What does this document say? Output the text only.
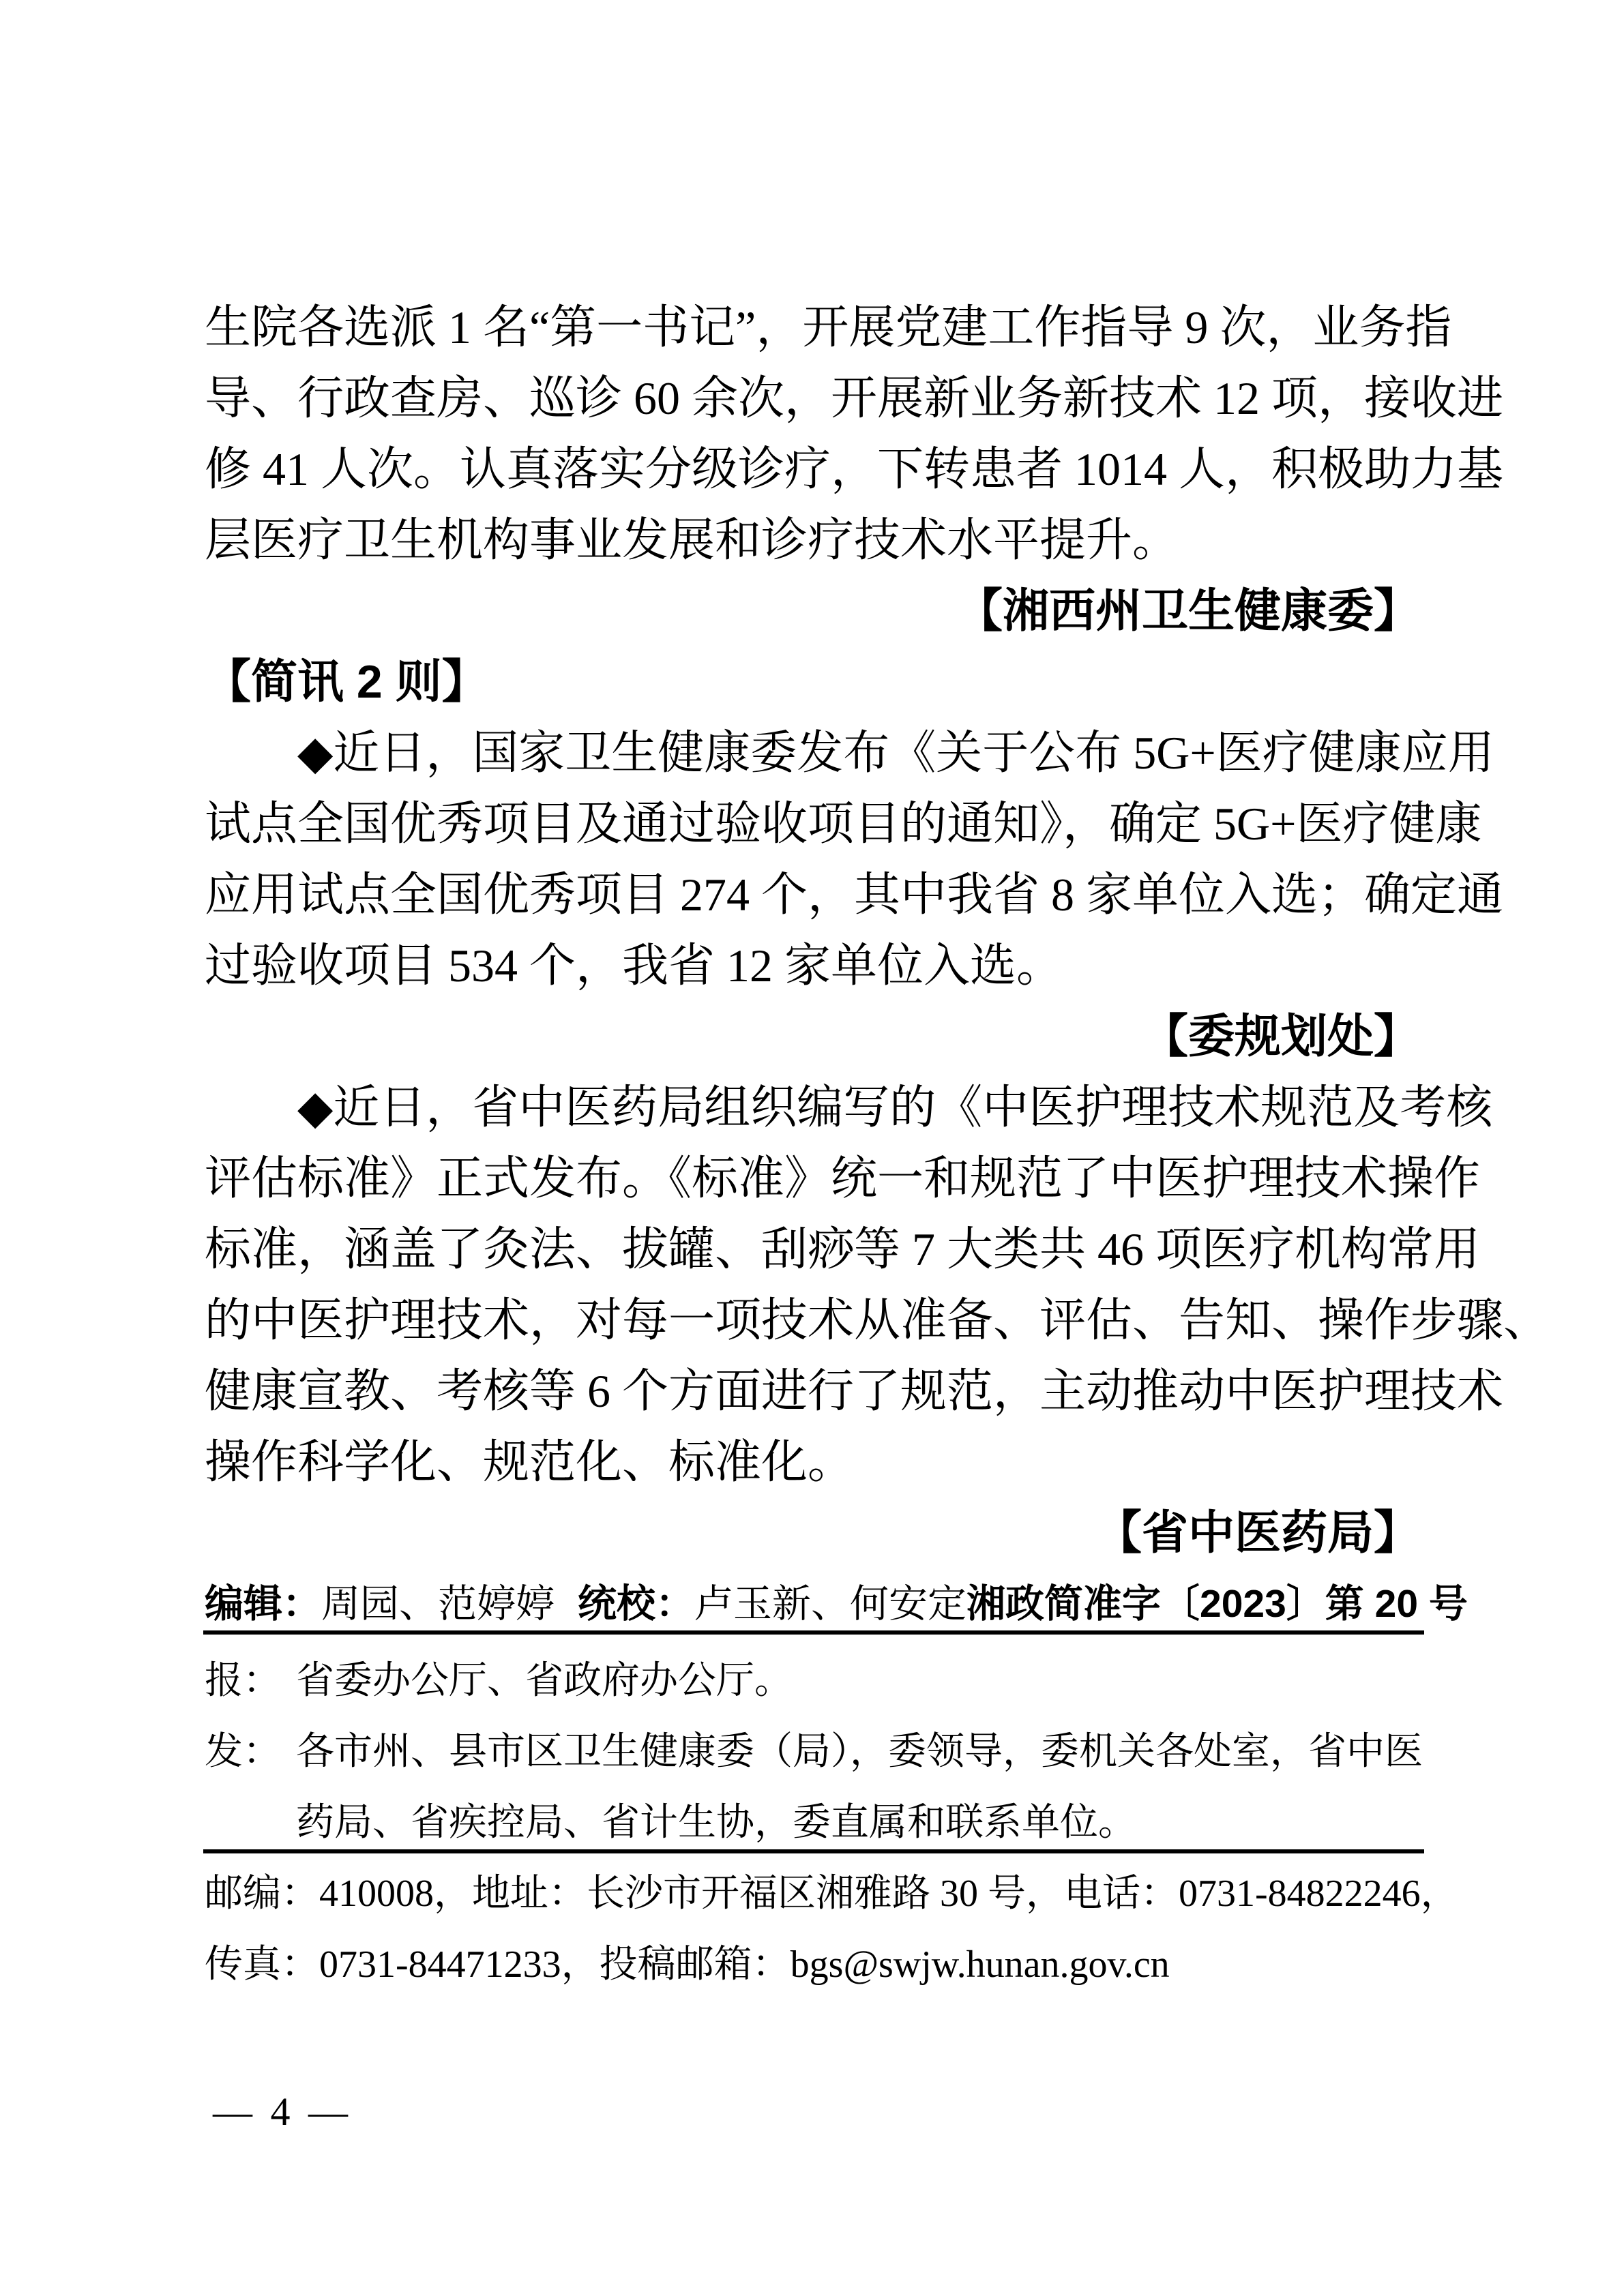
生院各选派 1 名“第一书记”，开展党建工作指导 9 次，业务指
导、行政查房、巡诊 60 余次，开展新业务新技术 12 项，接收进
修 41 人次。认真落实分级诊疗，下转患者 1014 人，积极助力基
层医疗卫生机构事业发展和诊疗技术水平提升。
【湘西州卫生健康委】
【简讯 2 则】
◆近日，国家卫生健康委发布《关于公布 5G+医疗健康应用
试点全国优秀项目及通过验收项目的通知》，确定 5G+医疗健康
应用试点全国优秀项目 274 个，其中我省 8 家单位入选；确定通
过验收项目 534 个，我省 12 家单位入选。
【委规划处】
◆近日，省中医药局组织编写的《中医护理技术规范及考核
评估标准》正式发布。《标准》统一和规范了中医护理技术操作
标准，涵盖了灸法、拔罐、刮痧等 7 大类共 46 项医疗机构常用
的中医护理技术，对每一项技术从准备、评估、告知、操作步骤、
健康宣教、考核等 6 个方面进行了规范，主动推动中医护理技术
操作科学化、规范化、标准化。
【省中医药局】
编辑：周园、范婷婷 统校：卢玉新、何安定 湘政简准字〔2023〕第 20 号
报： 省委办公厅、省政府办公厅。
发： 各市州、县市区卫生健康委（局），委领导，委机关各处室，省中医
药局、省疾控局、省计生协，委直属和联系单位。
邮编：410008，地址：长沙市开福区湘雅路 30 号，电话：0731-84822246，
传真：0731-84471233，投稿邮箱：bgs@swjw.hunan.gov.cn
— 4 —
